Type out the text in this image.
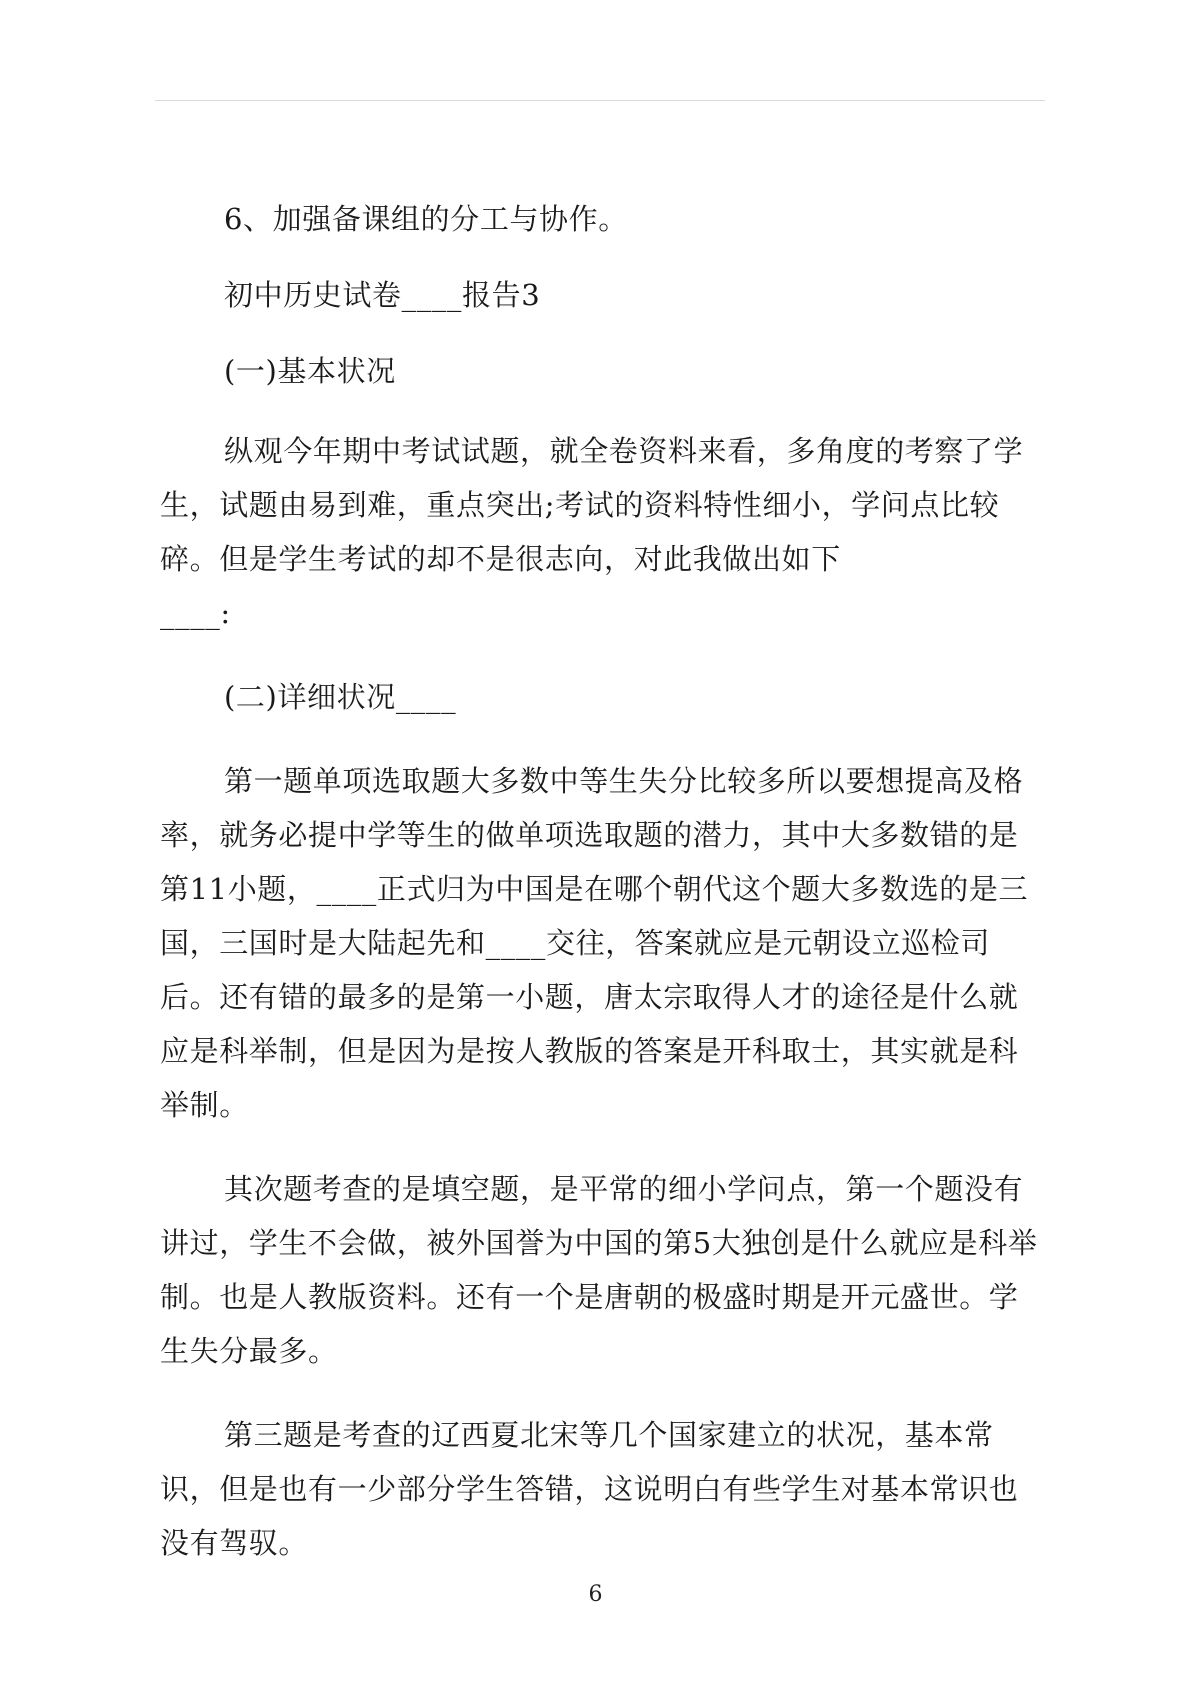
6、加强备课组的分工与协作。

初中历史试卷____报告3

(一)基本状况

纵观今年期中考试试题，就全卷资料来看，多角度的考察了学生，试题由易到难，重点突出;考试的资料特性细小，学问点比较碎。但是学生考试的却不是很志向，对此我做出如下

____:

(二)详细状况____

第一题单项选取题大多数中等生失分比较多所以要想提高及格率，就务必提中学等生的做单项选取题的潜力，其中大多数错的是第11小题，____正式归为中国是在哪个朝代这个题大多数选的是三国，三国时是大陆起先和____交往，答案就应是元朝设立巡检司后。还有错的最多的是第一小题，唐太宗取得人才的途径是什么就应是科举制，但是因为是按人教版的答案是开科取士，其实就是科举制。

其次题考查的是填空题，是平常的细小学问点，第一个题没有讲过，学生不会做，被外国誉为中国的第5大独创是什么就应是科举制。也是人教版资料。还有一个是唐朝的极盛时期是开元盛世。学生失分最多。

第三题是考查的辽西夏北宋等几个国家建立的状况，基本常识，但是也有一少部分学生答错，这说明白有些学生对基本常识也没有驾驭。

6
